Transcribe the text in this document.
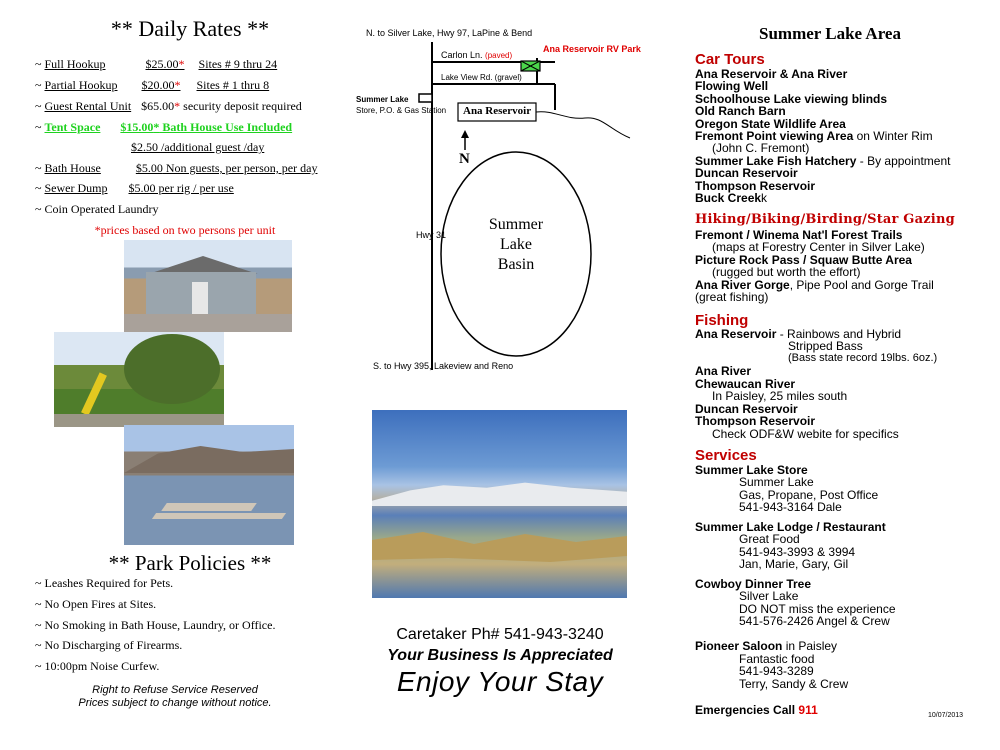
** Daily Rates **
~ Full Hookup	$25.00* Sites # 9 thru 24
~ Partial Hookup $20.00* Sites # 1 thru 8
~ Guest Rental Unit $65.00* security deposit required
~ Tent Space $15.00* Bath House Use Included
$2.50 /additional guest /day
~ Bath House	$5.00 Non guests, per person, per day
~ Sewer Dump $5.00 per rig / per use
~ Coin Operated Laundry
*prices based on two persons per unit
** Park Policies **
~ Leashes Required for Pets.
~ No Open Fires at Sites.
~ No Smoking in Bath House, Laundry, or Office.
~ No Discharging of Firearms.
~ 10:00pm Noise Curfew.
Right to Refuse Service Reserved
Prices subject to change without notice.
N. to Silver Lake, Hwy 97, LaPine & Bend
Carlon Ln. (paved)
Ana Reservoir RV Park
Lake View Rd. (gravel)
Summer Lake
Store, P.O. & Gas Station Ana Reservoir
N
Hwy 31
Summer
Lake
Basin
S. to Hwy 395, Lakeview and Reno
Caretaker Ph# 541-943-3240
Your Business Is Appreciated
Enjoy Your Stay
Summer Lake Area
Car Tours
Ana Reservoir & Ana River
Flowing Well
Schoolhouse Lake viewing blinds
Old Ranch Barn
Oregon State Wildlife Area
Fremont Point viewing Area on Winter Rim
(John C. Fremont)
Summer Lake Fish Hatchery - By appointment
Duncan Reservoir
Thompson Reservoir
Buck Creekk
Hiking/Biking/Birding/Star Gazing
Fremont / Winema Nat'l Forest Trails
(maps at Forestry Center in Silver Lake)
Picture Rock Pass / Squaw Butte Area
(rugged but worth the effort)
Ana River Gorge, Pipe Pool and Gorge Trail
(great fishing)
Fishing
Ana Reservoir - Rainbows and Hybrid
Stripped Bass
(Bass state record 19lbs. 6oz.)
Ana River
Chewaucan River
In Paisley, 25 miles south
Duncan Reservoir
Thompson Reservoir
Check ODF&W webite for specifics
Services
Summer Lake Store
Summer Lake
Gas, Propane, Post Office
541-943-3164 Dale
Summer Lake Lodge / Restaurant
Great Food
541-943-3993 & 3994
Jan, Marie, Gary, Gil
Cowboy Dinner Tree
Silver Lake
DO NOT miss the experience
541-576-2426 Angel & Crew
Pioneer Saloon in Paisley
Fantastic food
541-943-3289
Terry, Sandy & Crew
Emergencies Call 911	10/07/2013
